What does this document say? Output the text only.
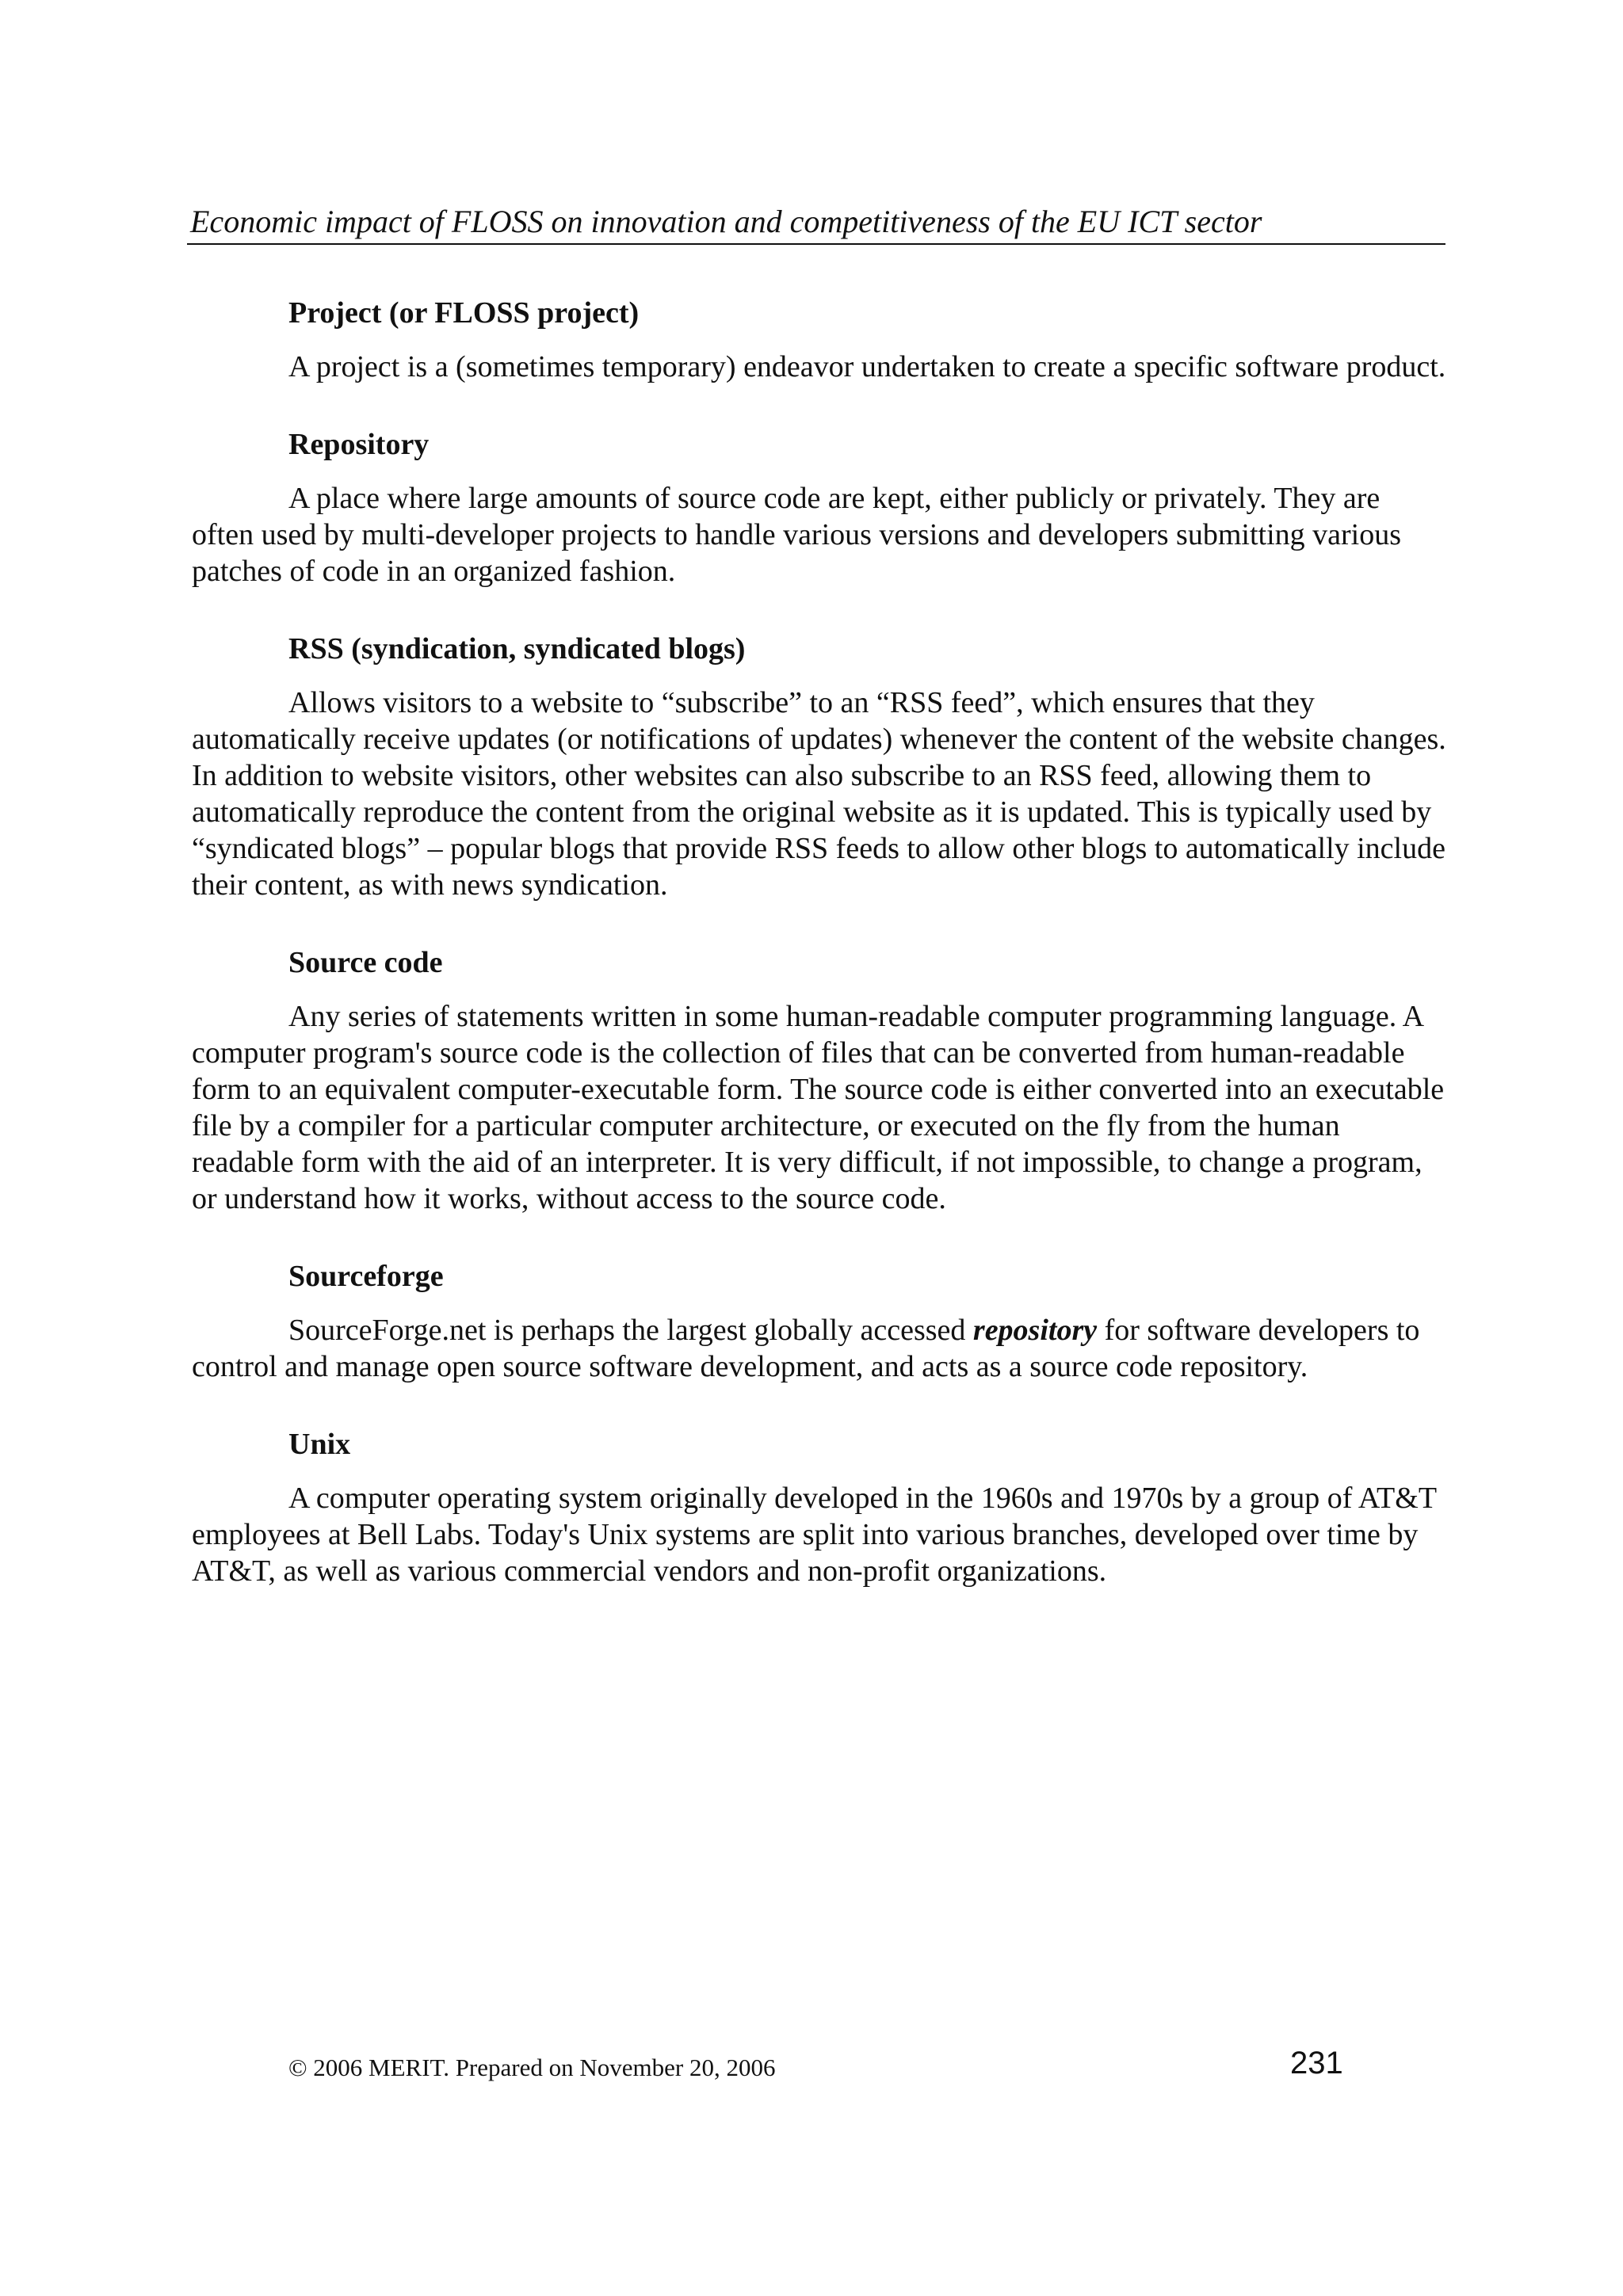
Economic impact of FLOSS on innovation and competitiveness of the EU ICT sector
Project (or FLOSS project)

A project is a (sometimes temporary) endeavor undertaken to create a specific software product.

Repository

A place where large amounts of source code are kept, either publicly or privately. They are often used by multi-developer projects to handle various versions and developers submitting various patches of code in an organized fashion.

RSS (syndication, syndicated blogs)

Allows visitors to a website to “subscribe” to an “RSS feed”, which ensures that they automatically receive updates (or notifications of updates) whenever the content of the website changes. In addition to website visitors, other websites can also subscribe to an RSS feed, allowing them to automatically reproduce the content from the original website as it is updated. This is typically used by “syndicated blogs” – popular blogs that provide RSS feeds to allow other blogs to automatically include their content, as with news syndication.

Source code

Any series of statements written in some human-readable computer programming language. A computer program's source code is the collection of files that can be converted from human-readable form to an equivalent computer-executable form. The source code is either converted into an executable file by a compiler for a particular computer architecture, or executed on the fly from the human readable form with the aid of an interpreter. It is very difficult, if not impossible, to change a program, or understand how it works, without access to the source code.

Sourceforge

SourceForge.net is perhaps the largest globally accessed repository for software developers to control and manage open source software development, and acts as a source code repository.

Unix

A computer operating system originally developed in the 1960s and 1970s by a group of AT&T employees at Bell Labs. Today's Unix systems are split into various branches, developed over time by AT&T, as well as various commercial vendors and non-profit organizations.

© 2006 MERIT. Prepared on November 20, 2006	231
